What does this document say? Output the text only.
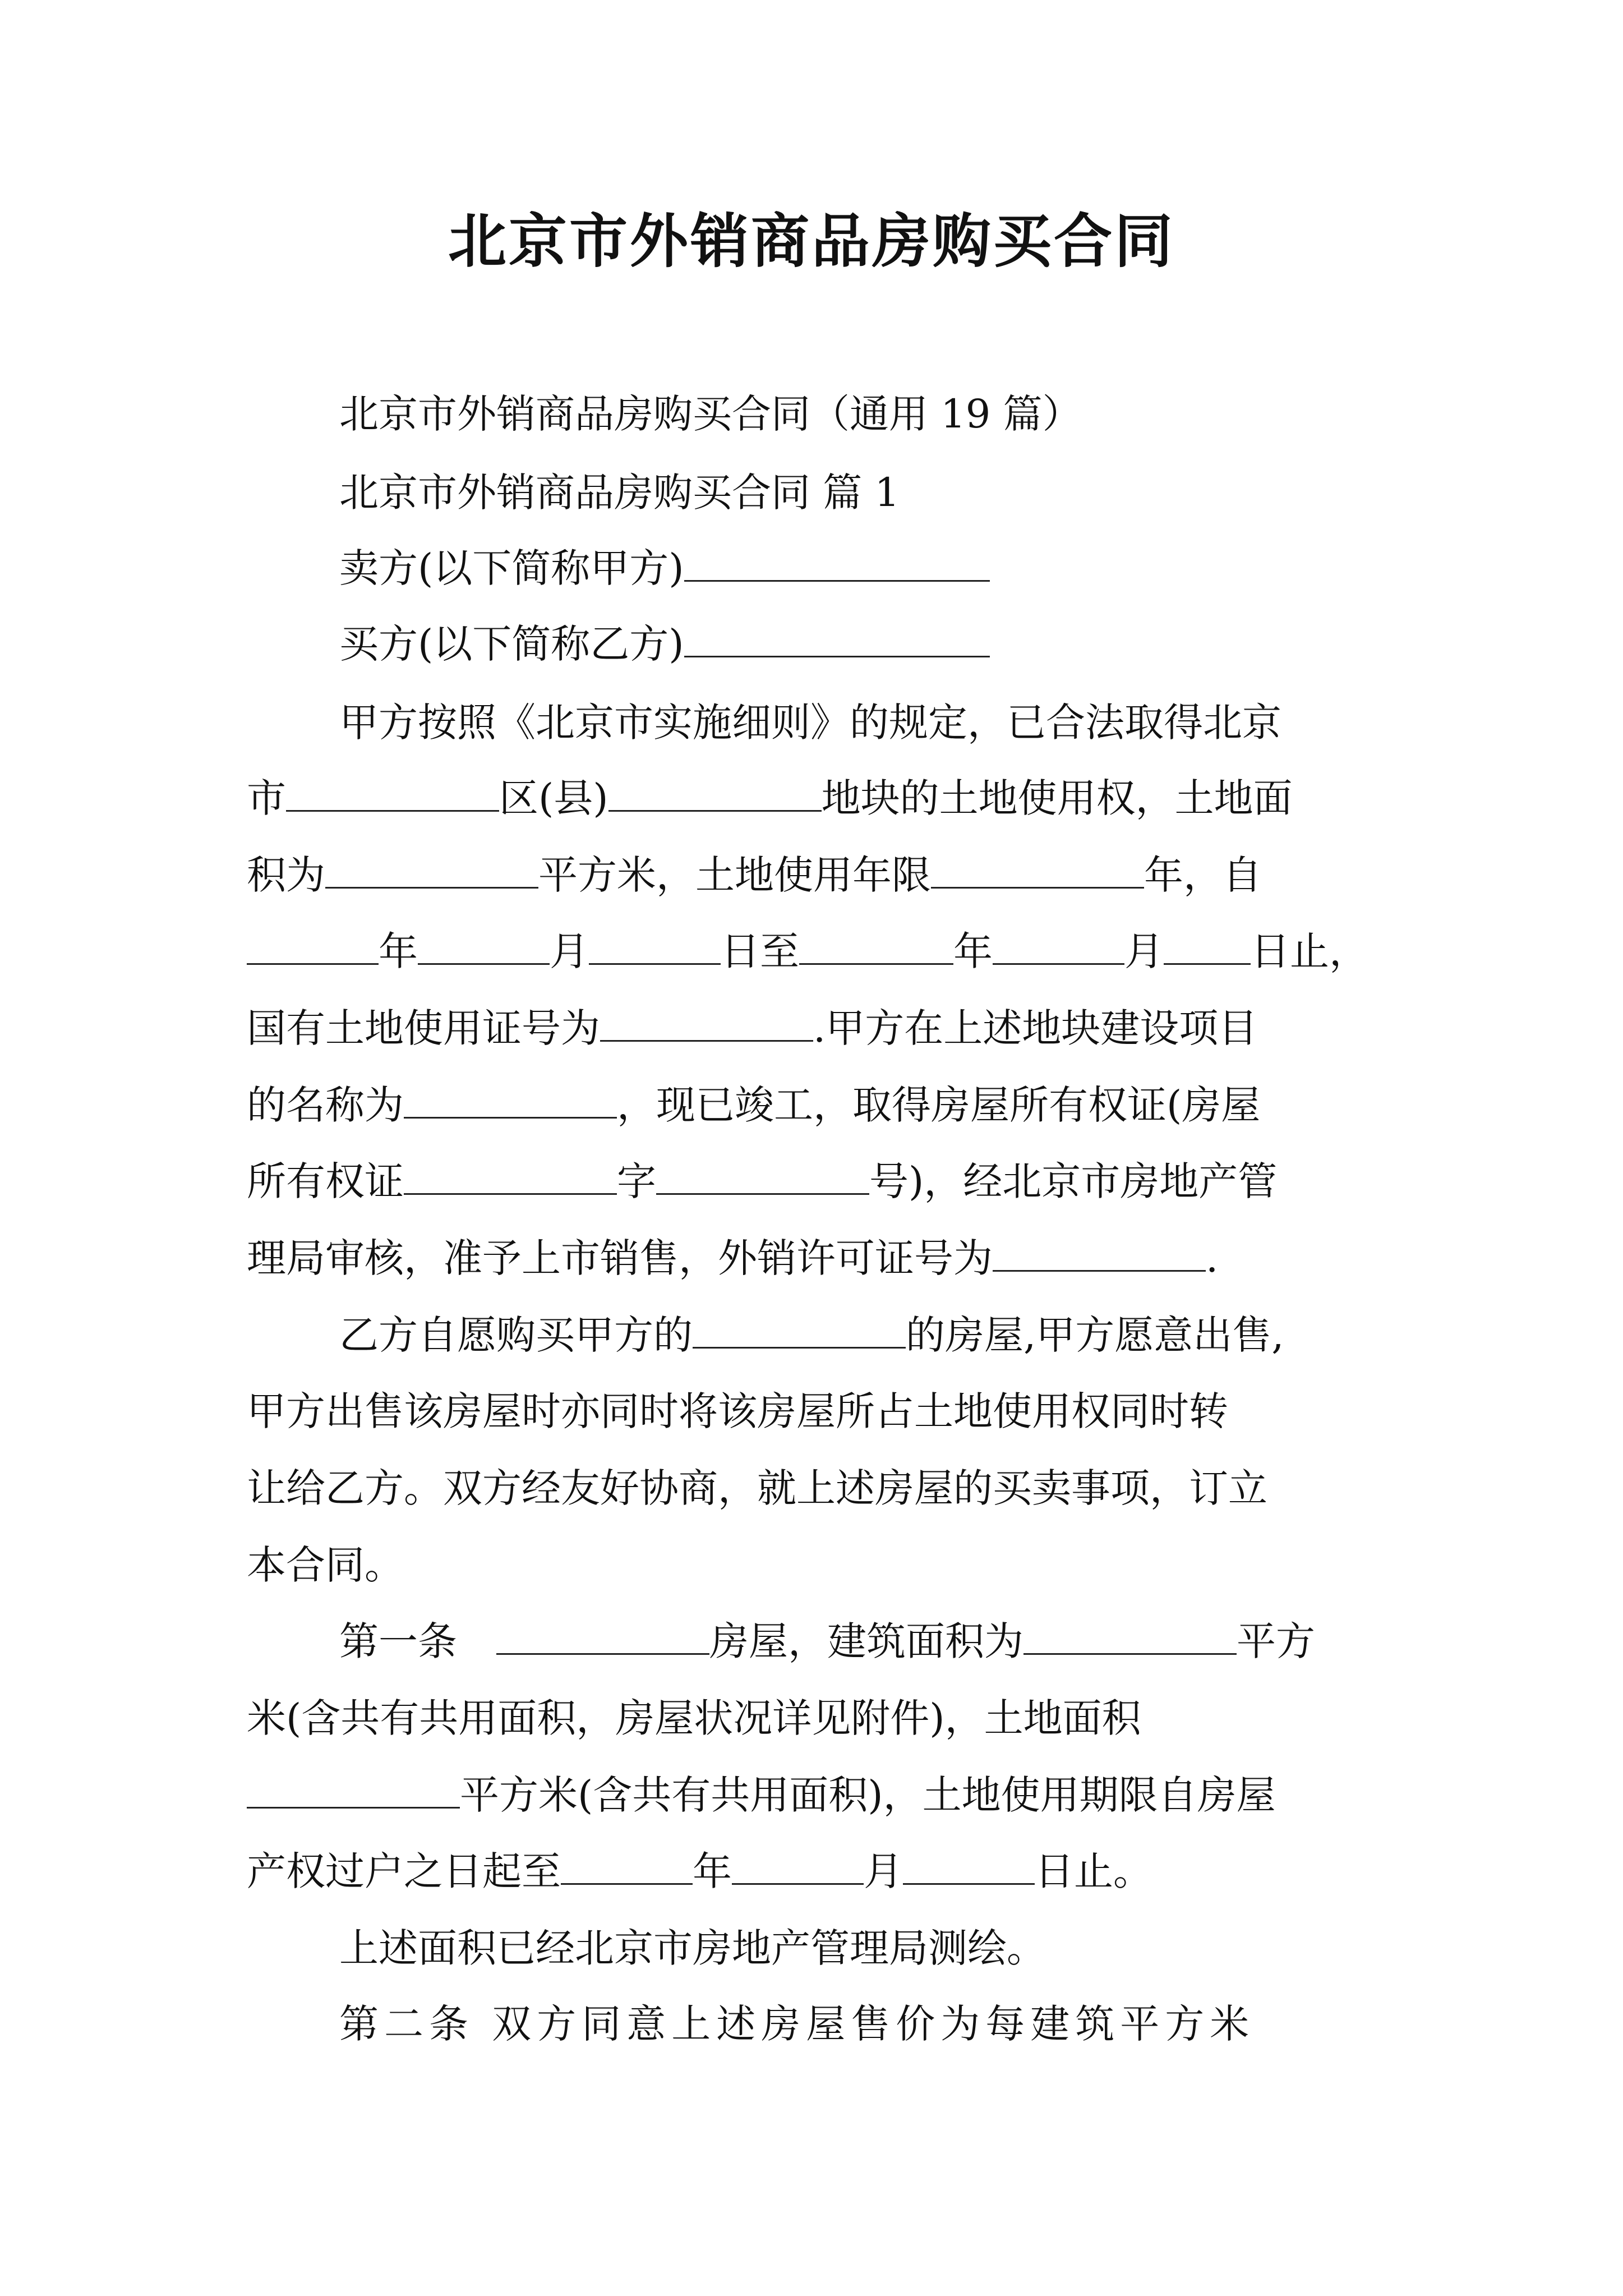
北京市外销商品房购买合同
北京市外销商品房购买合同（通用 19 篇）
北京市外销商品房购买合同 篇 1
卖方(以下简称甲方)
买方(以下简称乙方)
甲方按照《北京市实施细则》的规定，已合法取得北京
市	区(县)	地块的土地使用权，土地面
积为	平方米，土地使用年限	年，自
年	月	日至	年	月 日止，
国有土地使用证号为	.甲方在上述地块建设项目
的名称为	，现已竣工，取得房屋所有权证(房屋
所有权证	字	号)，经北京市房地产管
理局审核，准予上市销售，外销许可证号为	.
乙方自愿购买甲方的	的房屋,甲方愿意出售,
甲方出售该房屋时亦同时将该房屋所占土地使用权同时转
让给乙方。双方经友好协商，就上述房屋的买卖事项，订立
本合同。
第一条	房屋，建筑面积为	平方
米(含共有共用面积，房屋状况详见附件)，土地面积
平方米(含共有共用面积)，土地使用期限自房屋
产权过户之日起至	年	月	日止。
上述面积已经北京市房地产管理局测绘。
第二条 双方同意上述房屋售价为每建筑平方米
